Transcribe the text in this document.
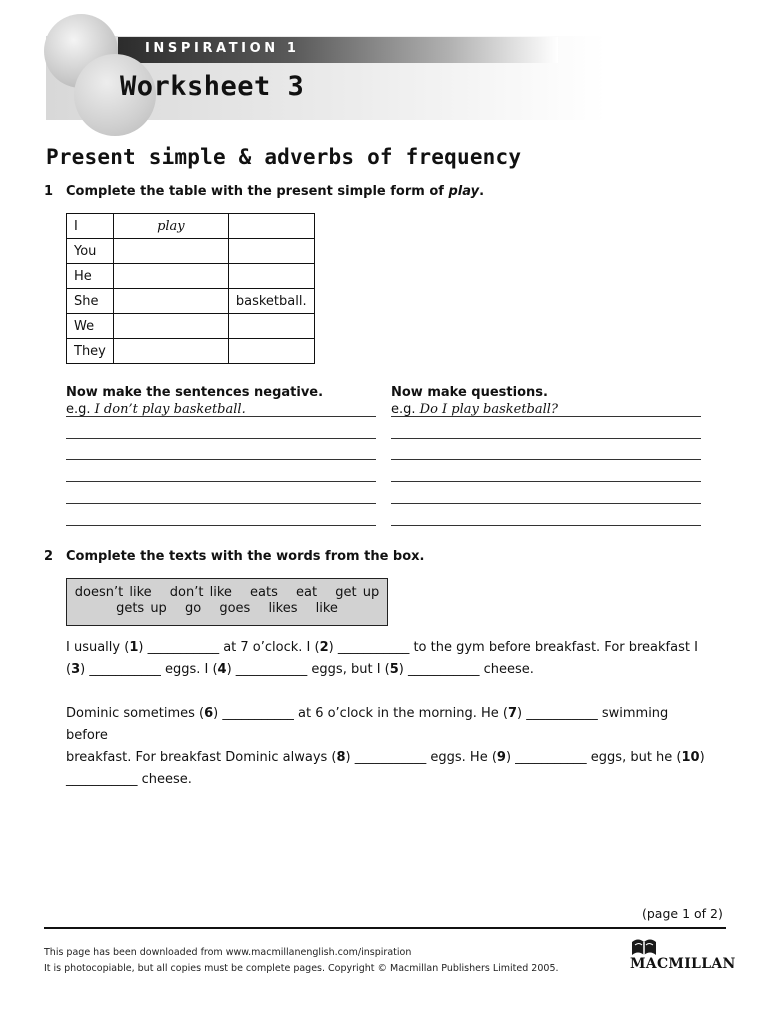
INSPIRATION 1
Worksheet 3
Present simple & adverbs of frequency
1 Complete the table with the present simple form of play.
I	play	
You		
He		
She		basketball.
We		
They		
Now make the sentences negative.
e.g. I don’t play basketball.
Now make questions.
e.g. Do I play basketball?
2 Complete the texts with the words from the box.
doesn’t like don’t like eats eat get up
gets up go goes likes like
I usually (1) ___________ at 7 o’clock. I (2) ___________ to the gym before breakfast. For breakfast I
(3) ___________ eggs. I (4) ___________ eggs, but I (5) ___________ cheese.
Dominic sometimes (6) ___________ at 6 o’clock in the morning. He (7) ___________ swimming before
breakfast. For breakfast Dominic always (8) ___________ eggs. He (9) ___________ eggs, but he (10)
___________ cheese.
(page 1 of 2)
This page has been downloaded from www.macmillanenglish.com/inspiration
It is photocopiable, but all copies must be complete pages. Copyright © Macmillan Publishers Limited 2005.	MACMILLAN
